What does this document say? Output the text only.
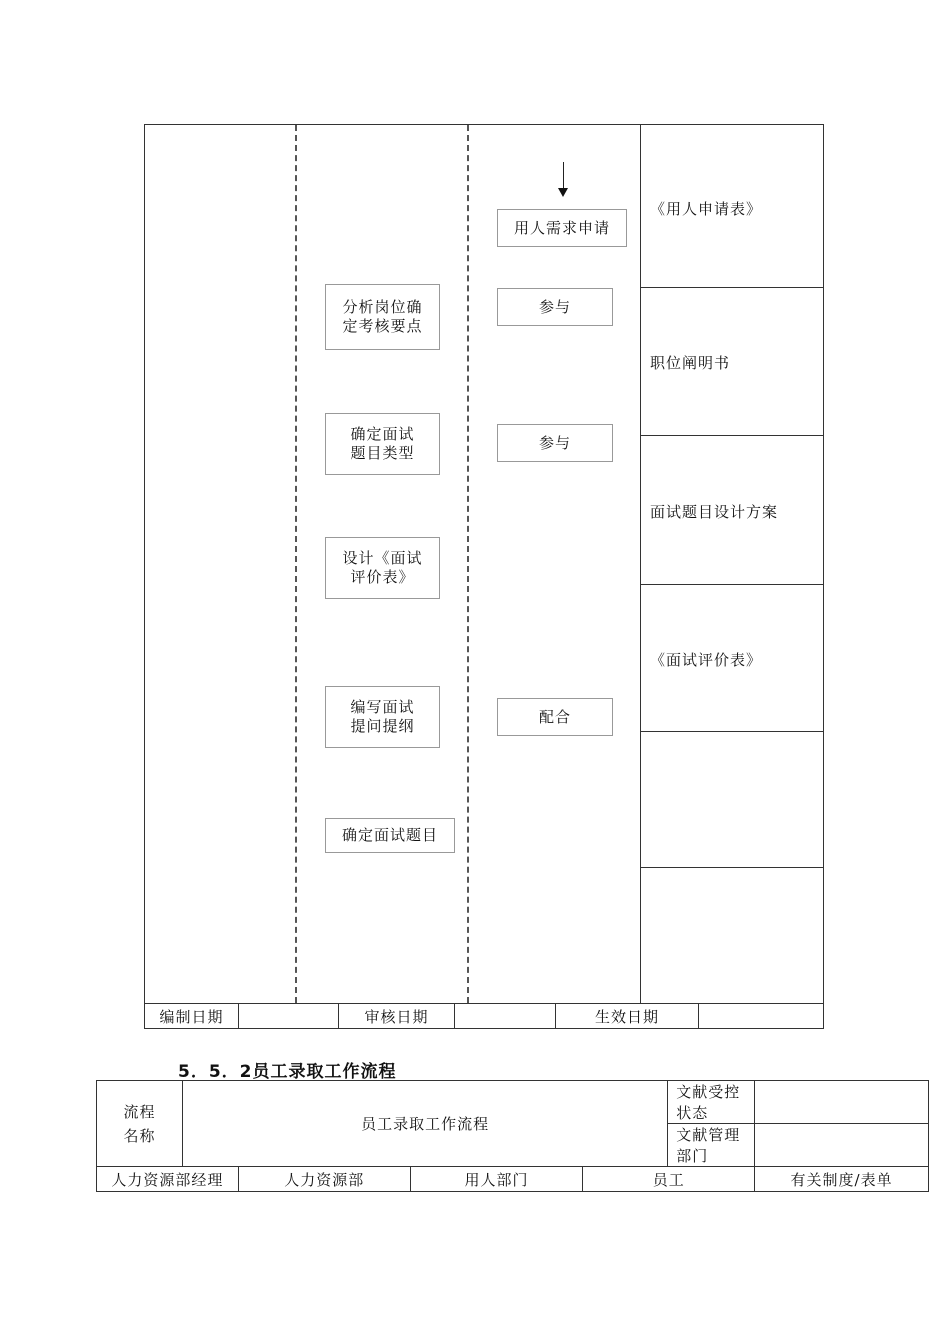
用人需求申请
参与
参与
配合
分析岗位确
定考核要点
确定面试
题目类型
设计《面试
评价表》
编写面试
提问提纲
确定面试题目
《用人申请表》
职位阐明书
面试题目设计方案
《面试评价表》
编制日期	审核日期	生效日期
5．5．2员工录取工作流程
流程
名称	员工录取工作流程				文献受控状态	
					文献管理部门	
人力资源部经理		人力资源部	用人部门	员工		有关制度/表单
